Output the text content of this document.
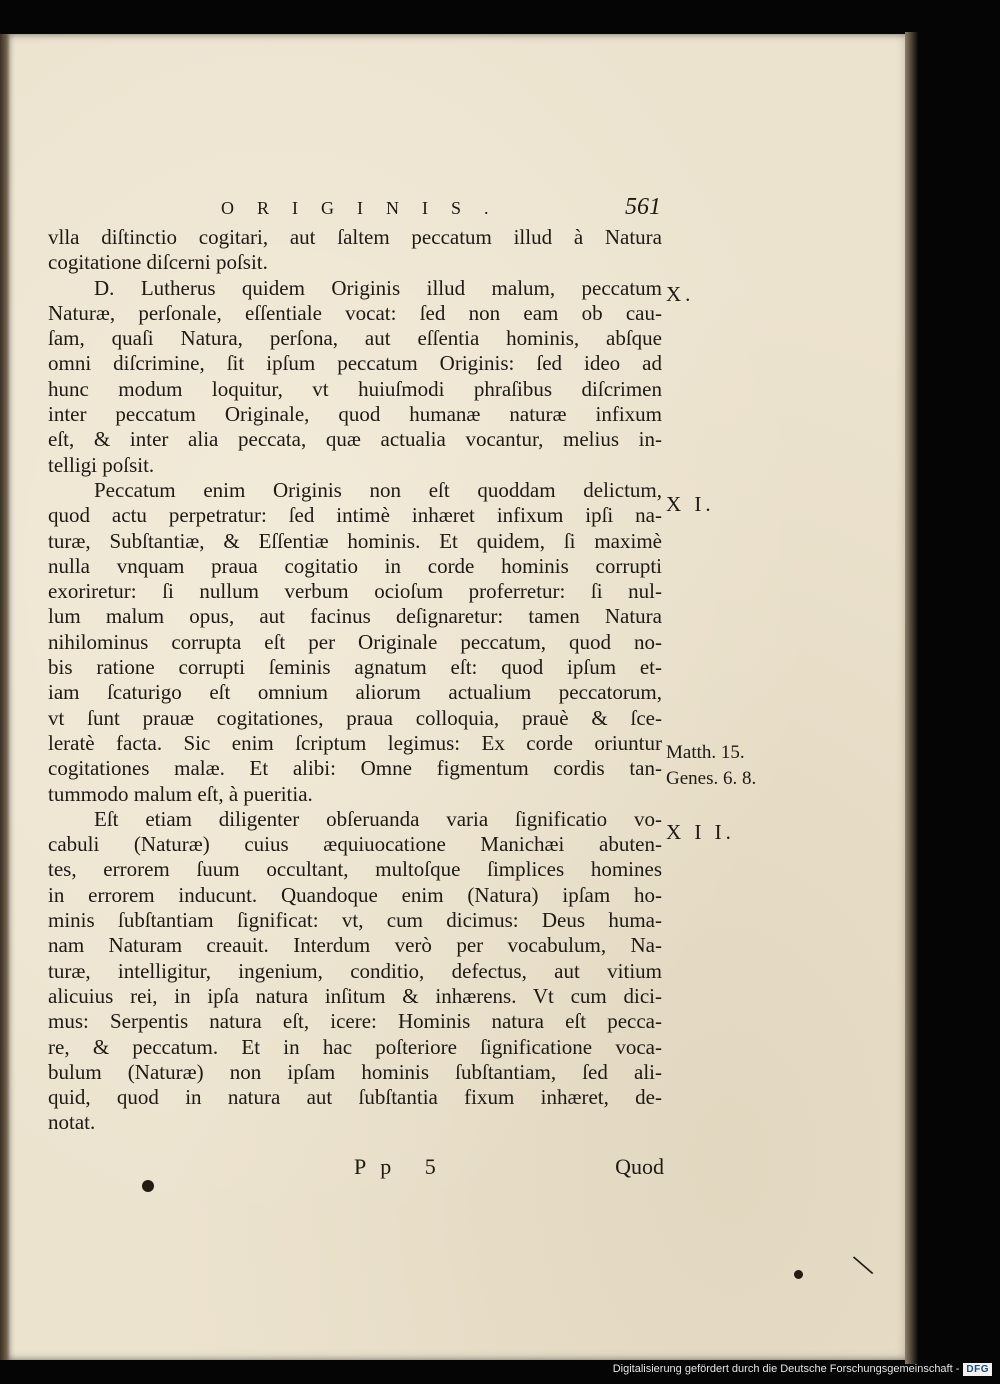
ORIGINIS.	561
vlla diſtinctio cogitari, aut ſaltem peccatum illud à Natura
cogitatione diſcerni poſsit.
D. Lutherus quidem Originis illud malum, peccatum
Naturæ, perſonale, eſſentiale vocat: ſed non eam ob cau-
ſam, quaſi Natura, perſona, aut eſſentia hominis, abſque
omni diſcrimine, ſit ipſum peccatum Originis: ſed ideo ad
hunc modum loquitur, vt huiuſmodi phraſibus diſcrimen
inter peccatum Originale, quod humanæ naturæ infixum
eſt, & inter alia peccata, quæ actualia vocantur, melius in-
telligi poſsit.
Peccatum enim Originis non eſt quoddam delictum,
quod actu perpetratur: ſed intimè inhæret infixum ipſi na-
turæ, Subſtantiæ, & Eſſentiæ hominis. Et quidem, ſi maximè
nulla vnquam praua cogitatio in corde hominis corrupti
exoriretur: ſi nullum verbum ocioſum proferretur: ſi nul-
lum malum opus, aut facinus deſignaretur: tamen Natura
nihilominus corrupta eſt per Originale peccatum, quod no-
bis ratione corrupti ſeminis agnatum eſt: quod ipſum et-
iam ſcaturigo eſt omnium aliorum actualium peccatorum,
vt ſunt prauæ cogitationes, praua colloquia, prauè & ſce-
leratè facta. Sic enim ſcriptum legimus: Ex corde oriuntur
cogitationes malæ. Et alibi: Omne figmentum cordis tan-
tummodo malum eſt, à pueritia.
Eſt etiam diligenter obſeruanda varia ſignificatio vo-
cabuli (Naturæ) cuius æquiuocatione Manichæi abuten-
tes, errorem ſuum occultant, multoſque ſimplices homines
in errorem inducunt. Quandoque enim (Natura) ipſam ho-
minis ſubſtantiam ſignificat: vt, cum dicimus: Deus huma-
nam Naturam creauit. Interdum verò per vocabulum, Na-
turæ, intelligitur, ingenium, conditio, defectus, aut vitium
alicuius rei, in ipſa natura inſitum & inhærens. Vt cum dici-
mus: Serpentis natura eſt, icere: Hominis natura eſt pecca-
re, & peccatum. Et in hac poſteriore ſignificatione voca-
bulum (Naturæ) non ipſam hominis ſubſtantiam, ſed ali-
quid, quod in natura aut ſubſtantia fixum inhæret, de-
notat.
X.
X I.
Matth. 15.
Genes. 6. 8.
X I I.
Pp 5	Quod
\
Digitalisierung gefördert durch die Deutsche Forschungsgemeinschaft - DFG
